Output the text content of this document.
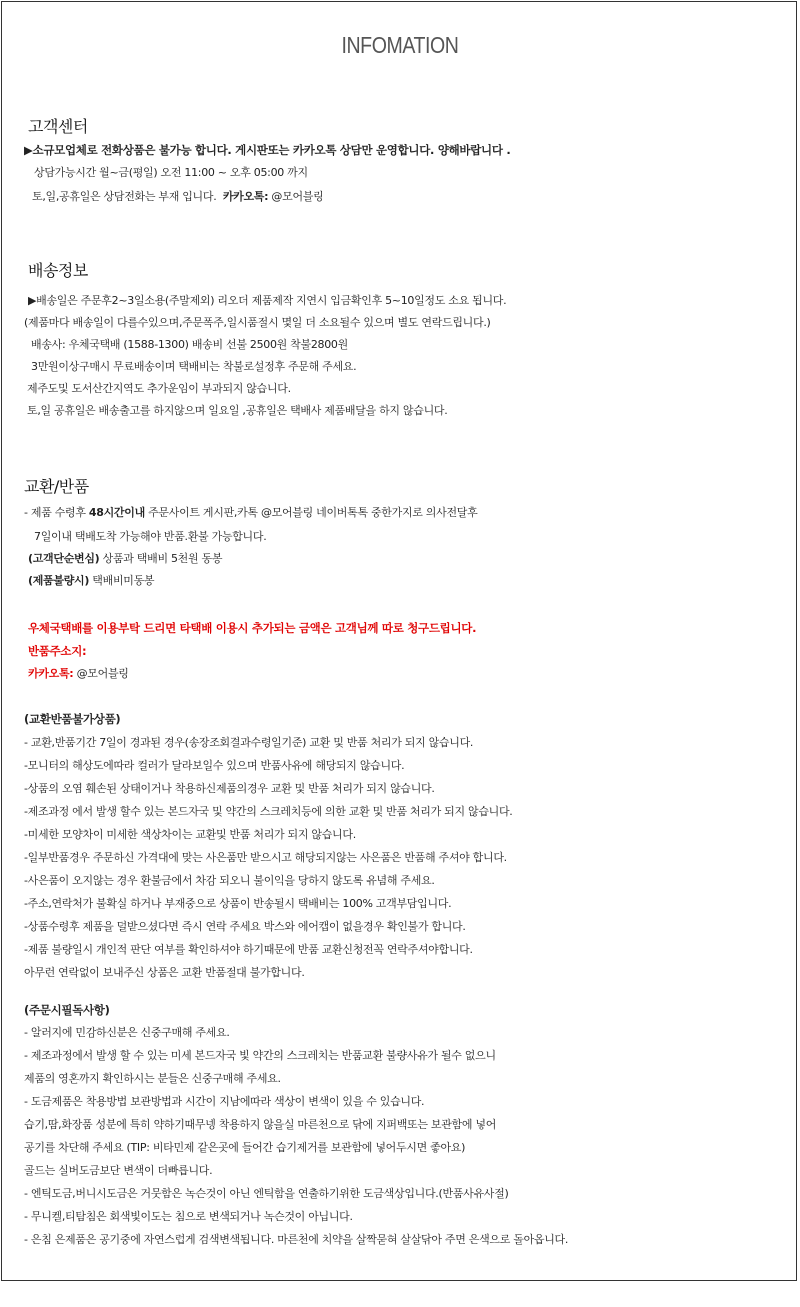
INFOMATION
고객센터
▶소규모업체로 전화상품은 불가능 합니다. 게시판또는 카카오톡 상담만 운영합니다. 양해바랍니다 .
상담가능시간 월~금(평일) 오전 11:00 ~ 오후 05:00 까지
토,일,공휴일은 상담전화는 부재 입니다. 카카오톡: @모어블링
배송정보
▶배송일은 주문후2~3일소용(주말제외) 리오더 제품제작 지연시 입금확인후 5~10일정도 소요 됩니다.
(제품마다 배송일이 다를수있으며,주문폭주,일시품절시 몇일 더 소요될수 있으며 별도 연락드립니다.)
배송사: 우체국택배 (1588-1300) 배송비 선불 2500원 착불2800원
3만원이상구매시 무료배송이며 택배비는 착불로설정후 주문해 주세요.
제주도및 도서산간지역도 추가운임이 부과되지 않습니다.
토,일 공휴일은 배송출고를 하지않으며 일요일 ,공휴일은 택배사 제품배달을 하지 않습니다.
교환/반품
- 제품 수령후 48시간이내 주문사이트 게시판,카톡 @모어블링 네이버톡톡 중한가지로 의사전달후
7일이내 택배도착 가능해야 반품.환불 가능합니다.
(고객단순변심) 상품과 택배비 5천원 동봉
(제품불량시) 택배비미동봉
우체국택배를 이용부탁 드리면 타택배 이용시 추가되는 금액은 고객님께 따로 청구드립니다.
반품주소지:
카카오톡: @모어블링
(교환반품불가상품)
- 교환,반품기간 7일이 경과된 경우(송장조회결과수령일기준) 교환 및 반품 처리가 되지 않습니다.
-모니터의 해상도에따라 컬러가 달라보일수 있으며 반품사유에 해당되지 않습니다.
-상품의 오염 훼손된 상태이거나 착용하신제품의경우 교환 및 반품 처리가 되지 않습니다.
-제조과정 에서 발생 할수 있는 본드자국 및 약간의 스크레치등에 의한 교환 및 반품 처리가 되지 않습니다.
-미세한 모양차이 미세한 색상차이는 교환및 반품 처리가 되지 않습니다.
-일부반품경우 주문하신 가격대에 맞는 사은품만 받으시고 해당되지않는 사은품은 반품해 주셔야 합니다.
-사은품이 오지않는 경우 환불금에서 차감 되오니 불이익을 당하지 않도록 유념해 주세요.
-주소,연락처가 불확실 하거나 부재중으로 상품이 반송될시 택배비는 100% 고객부담입니다.
-상품수령후 제품을 덜받으셨다면 즉시 연락 주세요 박스와 에어캡이 없을경우 확인불가 합니다.
-제품 불량일시 개인적 판단 여부를 확인하셔야 하기때문에 반품 교환신청전꼭 연락주셔야합니다.
아무런 연락없이 보내주신 상품은 교환 반품절대 불가합니다.
(주문시필독사항)
- 알러지에 민감하신분은 신중구매해 주세요.
- 제조과정에서 발생 할 수 있는 미세 본드자국 빛 약간의 스크레치는 반품교환 불량사유가 될수 없으니
제품의 영혼까지 확인하시는 분들은 신중구매해 주세요.
- 도금제품은 착용방법 보관방법과 시간이 지남에따라 색상이 변색이 있을 수 있습니다.
습기,땀,화장품 성분에 특히 약하기때무넹 착용하지 않을실 마른천으로 닦에 지퍼백또는 보관함에 넣어
공기를 차단해 주세요 (TIP: 비타민제 같은곳에 들어간 습기제거를 보관함에 넣어두시면 좋아요)
골드는 실버도금보단 변색이 더빠릅니다.
- 엔틱도금,버니시도금은 거뭇함은 녹슨것이 아닌 엔틱함을 연출하기위한 도금색상입니다.(반품사유사절)
- 무니켈,티탐침은 회색빛이도는 침으로 변색되거나 녹슨것이 아닙니다.
- 은침 은제품은 공기중에 자연스럽게 검색변색됩니다. 마른천에 치약을 살짝묻혀 살살닦아 주면 은색으로 돌아옵니다.
